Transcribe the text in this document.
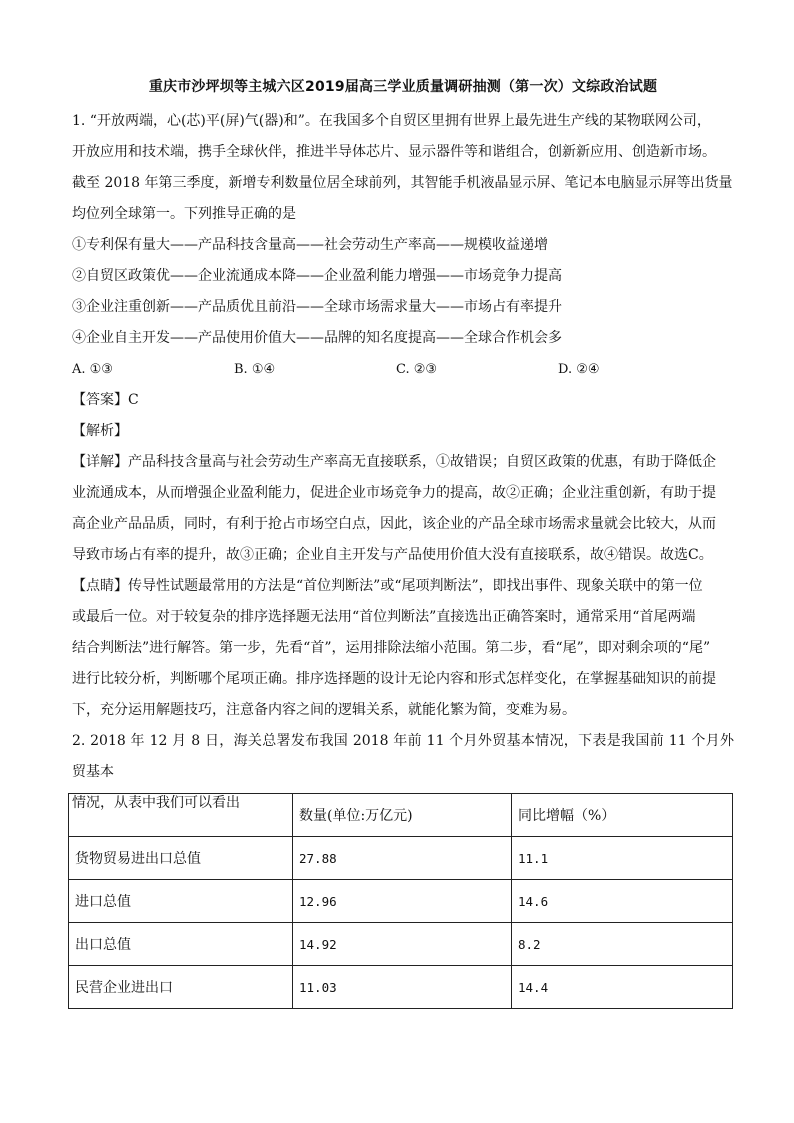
重庆市沙坪坝等主城六区2019届高三学业质量调研抽测（第一次）文综政治试题

1. “开放两端，心(芯)平(屏)气(器)和”。在我国多个自贸区里拥有世界上最先进生产线的某物联网公司，

开放应用和技术端，携手全球伙伴，推进半导体芯片、显示器件等和谐组合，创新新应用、创造新市场。

截至 2018 年第三季度，新增专利数量位居全球前列，其智能手机液晶显示屏、笔记本电脑显示屏等出货量

均位列全球第一。下列推导正确的是

①专利保有量大——产品科技含量高——社会劳动生产率高——规模收益递增

②自贸区政策优——企业流通成本降——企业盈利能力增强——市场竞争力提高

③企业注重创新——产品质优且前沿——全球市场需求量大——市场占有率提升

④企业自主开发——产品使用价值大——品牌的知名度提高——全球合作机会多

A. ①③	B. ①④	C. ②③	D. ②④

【答案】C

【解析】

【详解】产品科技含量高与社会劳动生产率高无直接联系，①故错误；自贸区政策的优惠，有助于降低企

业流通成本，从而增强企业盈利能力，促进企业市场竞争力的提高，故②正确；企业注重创新，有助于提

高企业产品品质，同时，有利于抢占市场空白点，因此，该企业的产品全球市场需求量就会比较大，从而

导致市场占有率的提升，故③正确；企业自主开发与产品使用价值大没有直接联系，故④错误。故选C。

【点睛】传导性试题最常用的方法是“首位判断法”或“尾项判断法”，即找出事件、现象关联中的第一位

或最后一位。对于较复杂的排序选择题无法用“首位判断法”直接选出正确答案时，通常采用“首尾两端

结合判断法”进行解答。第一步，先看“首”，运用排除法缩小范围。第二步，看“尾”，即对剩余项的“尾”

进行比较分析，判断哪个尾项正确。排序选择题的设计无论内容和形式怎样变化，在掌握基础知识的前提

下，充分运用解题技巧，注意备内容之间的逻辑关系，就能化繁为简，变难为易。

2. 2018 年 12 月 8 日，海关总署发布我国 2018 年前 11 个月外贸基本情况，下表是我国前 11 个月外贸基本

情况，从表中我们可以看出

	数量(单位:万亿元)	同比增幅（%）
货物贸易进出口总值	27.88	11.1
进口总值	12.96	14.6
出口总值	14.92	8.2
民营企业进出口	11.03	14.4
